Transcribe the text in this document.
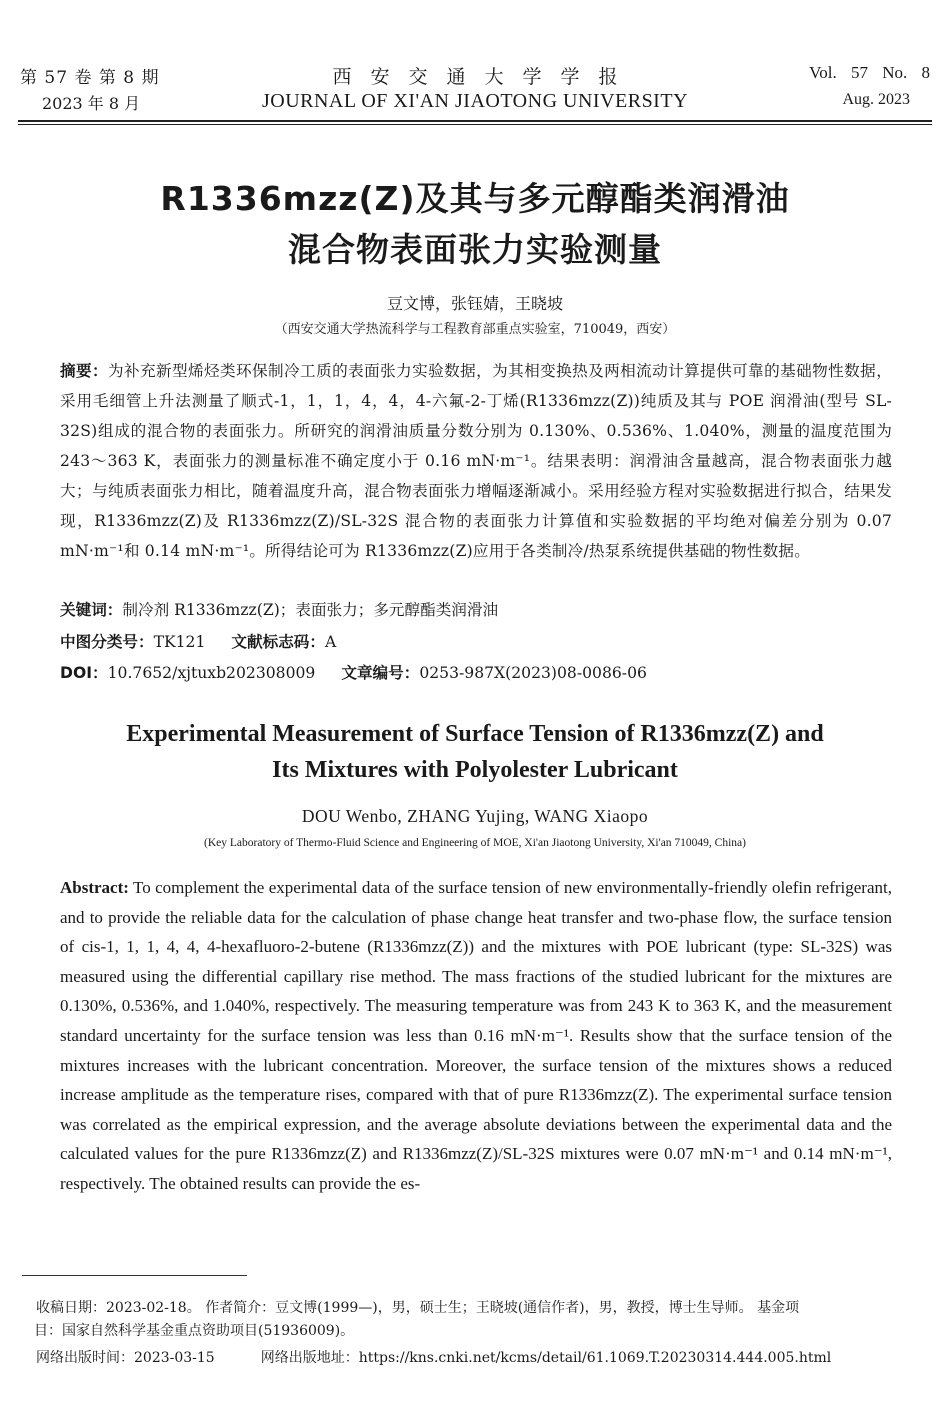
第 57 卷 第 8 期
2023 年 8 月
西安交通大学学报
JOURNAL OF XI'AN JIAOTONG UNIVERSITY
Vol. 57 No. 8
Aug. 2023
R1336mzz(Z)及其与多元醇酯类润滑油
混合物表面张力实验测量
豆文博，张钰婧，王晓坡
（西安交通大学热流科学与工程教育部重点实验室，710049，西安）
摘要：为补充新型烯烃类环保制冷工质的表面张力实验数据，为其相变换热及两相流动计算提供可靠的基础物性数据，采用毛细管上升法测量了顺式-1，1，1，4，4，4-六氟-2-丁烯(R1336mzz(Z))纯质及其与 POE 润滑油(型号 SL-32S)组成的混合物的表面张力。所研究的润滑油质量分数分别为 0.130%、0.536%、1.040%，测量的温度范围为 243～363 K，表面张力的测量标准不确定度小于 0.16 mN·m⁻¹。结果表明：润滑油含量越高，混合物表面张力越大；与纯质表面张力相比，随着温度升高，混合物表面张力增幅逐渐减小。采用经验方程对实验数据进行拟合，结果发现，R1336mzz(Z)及 R1336mzz(Z)/SL-32S 混合物的表面张力计算值和实验数据的平均绝对偏差分别为 0.07 mN·m⁻¹和 0.14 mN·m⁻¹。所得结论可为 R1336mzz(Z)应用于各类制冷/热泵系统提供基础的物性数据。
关键词：制冷剂 R1336mzz(Z)；表面张力；多元醇酯类润滑油
中图分类号：TK121 文献标志码：A
DOI：10.7652/xjtuxb202308009 文章编号：0253-987X(2023)08-0086-06
Experimental Measurement of Surface Tension of R1336mzz(Z) and
Its Mixtures with Polyolester Lubricant
DOU Wenbo, ZHANG Yujing, WANG Xiaopo
(Key Laboratory of Thermo-Fluid Science and Engineering of MOE, Xi'an Jiaotong University, Xi'an 710049, China)
Abstract: To complement the experimental data of the surface tension of new environmentally-friendly olefin refrigerant, and to provide the reliable data for the calculation of phase change heat transfer and two-phase flow, the surface tension of cis-1, 1, 1, 4, 4, 4-hexafluoro-2-butene (R1336mzz(Z)) and the mixtures with POE lubricant (type: SL-32S) was measured using the differential capillary rise method. The mass fractions of the studied lubricant for the mixtures are 0.130%, 0.536%, and 1.040%, respectively. The measuring temperature was from 243 K to 363 K, and the measurement standard uncertainty for the surface tension was less than 0.16 mN·m⁻¹. Results show that the surface tension of the mixtures increases with the lubricant concentration. Moreover, the surface tension of the mixtures shows a reduced increase amplitude as the temperature rises, compared with that of pure R1336mzz(Z). The experimental surface tension was correlated as the empirical expression, and the average absolute deviations between the experimental data and the calculated values for the pure R1336mzz(Z) and R1336mzz(Z)/SL-32S mixtures were 0.07 mN·m⁻¹ and 0.14 mN·m⁻¹, respectively. The obtained results can provide the es-
收稿日期：2023-02-18。 作者简介：豆文博(1999—)，男，硕士生；王晓坡(通信作者)，男，教授，博士生导师。 基金项
目：国家自然科学基金重点资助项目(51936009)。
网络出版时间：2023-03-15	网络出版地址：https://kns.cnki.net/kcms/detail/61.1069.T.20230314.444.005.html
